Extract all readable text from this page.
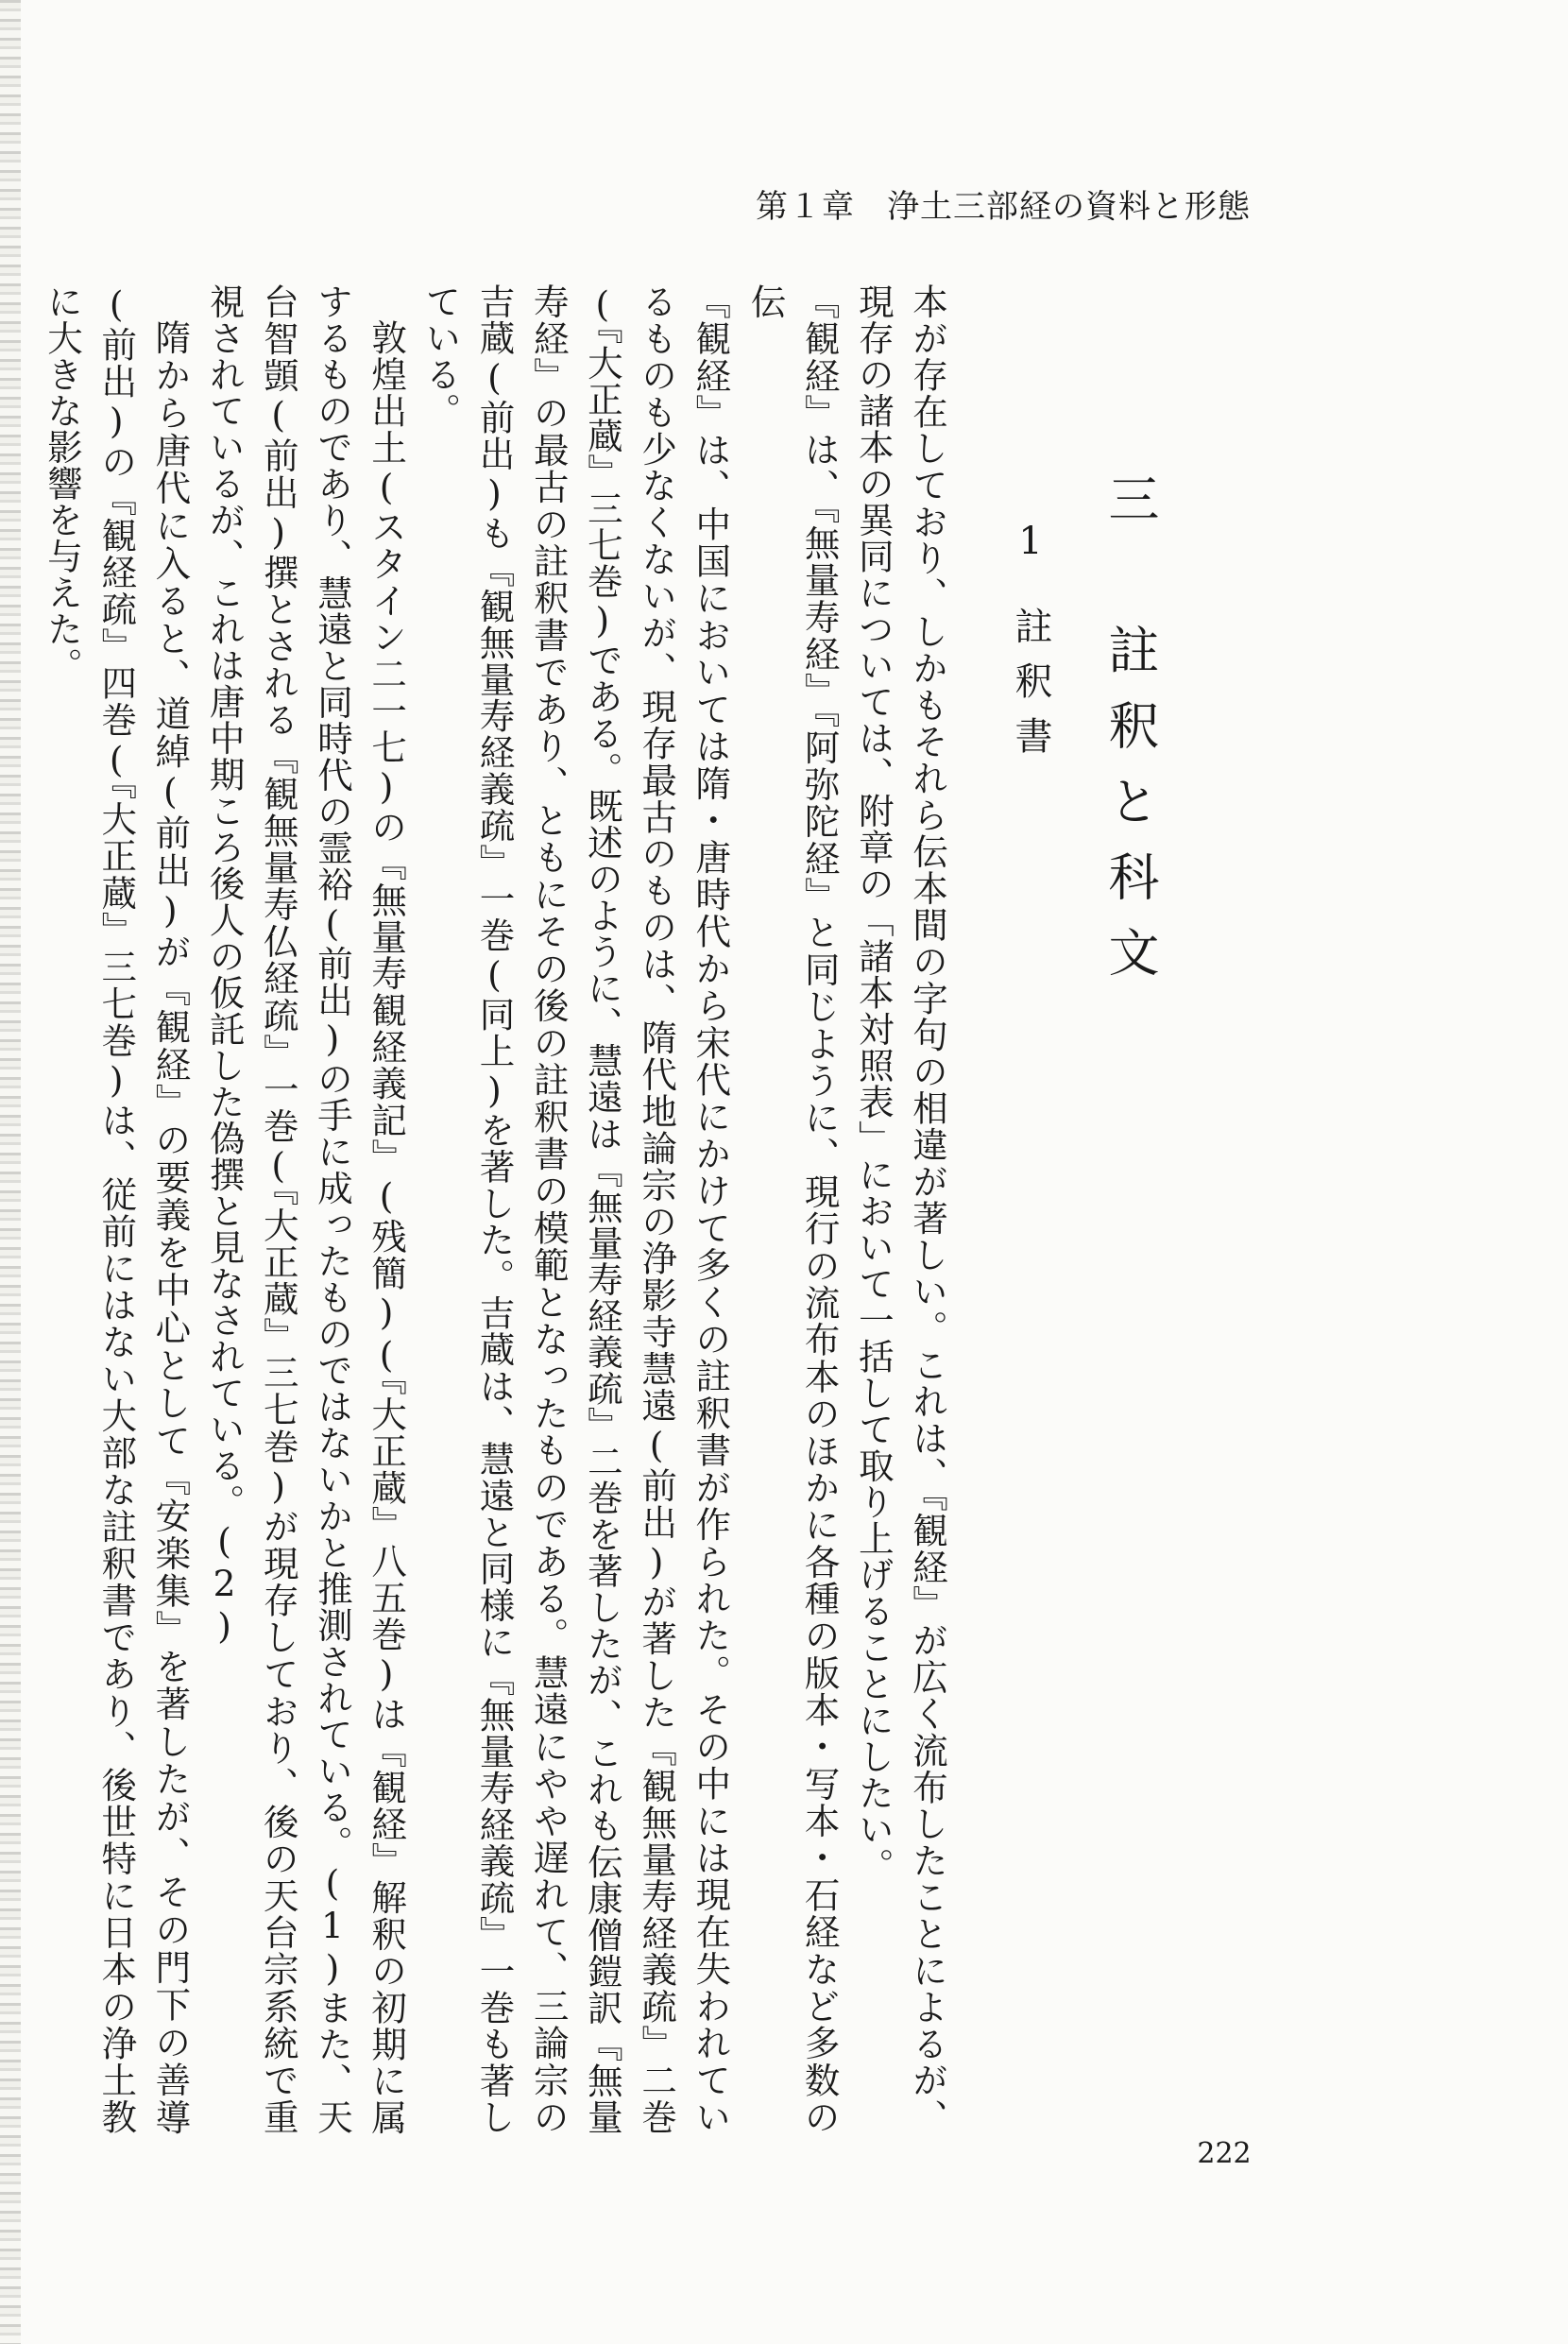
第１章 浄土三部経の資料と形態
三　註釈と科文
1註釈書
本が存在しており、しかもそれら伝本間の字句の相違が著しい。これは、『観経』が広く流布したことによるが、現存の諸本の異同については、附章の「諸本対照表」において一括して取り上げることにしたい。
『観経』は、『無量寿経』『阿弥陀経』と同じように、現行の流布本のほかに各種の版本・写本・石経など多数の伝
『観経』は、中国においては隋・唐時代から宋代にかけて多くの註釈書が作られた。その中には現在失われているものも少なくないが、現存最古のものは、隋代地論宗の浄影寺慧遠(前出)が著した『観無量寿経義疏』二巻(『大正蔵』三七巻)である。既述のように、慧遠は『無量寿経義疏』二巻を著したが、これも伝康僧鎧訳『無量寿経』の最古の註釈書であり、ともにその後の註釈書の模範となったものである。慧遠にやや遅れて、三論宗の吉蔵(前出)も『観無量寿経義疏』一巻(同上)を著した。吉蔵は、慧遠と同様に『無量寿経義疏』一巻も著している。
敦煌出土(スタイン二一七)の『無量寿観経義記』(残簡)(『大正蔵』八五巻)は『観経』解釈の初期に属するものであり、慧遠と同時代の霊裕(前出)の手に成ったものではないかと推測されている。(1)また、天台智顗(前出)撰とされる『観無量寿仏経疏』一巻(『大正蔵』三七巻)が現存しており、後の天台宗系統で重視されているが、これは唐中期ころ後人の仮託した偽撰と見なされている。(2)
隋から唐代に入ると、道綽(前出)が『観経』の要義を中心として『安楽集』を著したが、その門下の善導(前出)の『観経疏』四巻(『大正蔵』三七巻)は、従前にはない大部な註釈書であり、後世特に日本の浄土教に大きな影響を与えた。
222
